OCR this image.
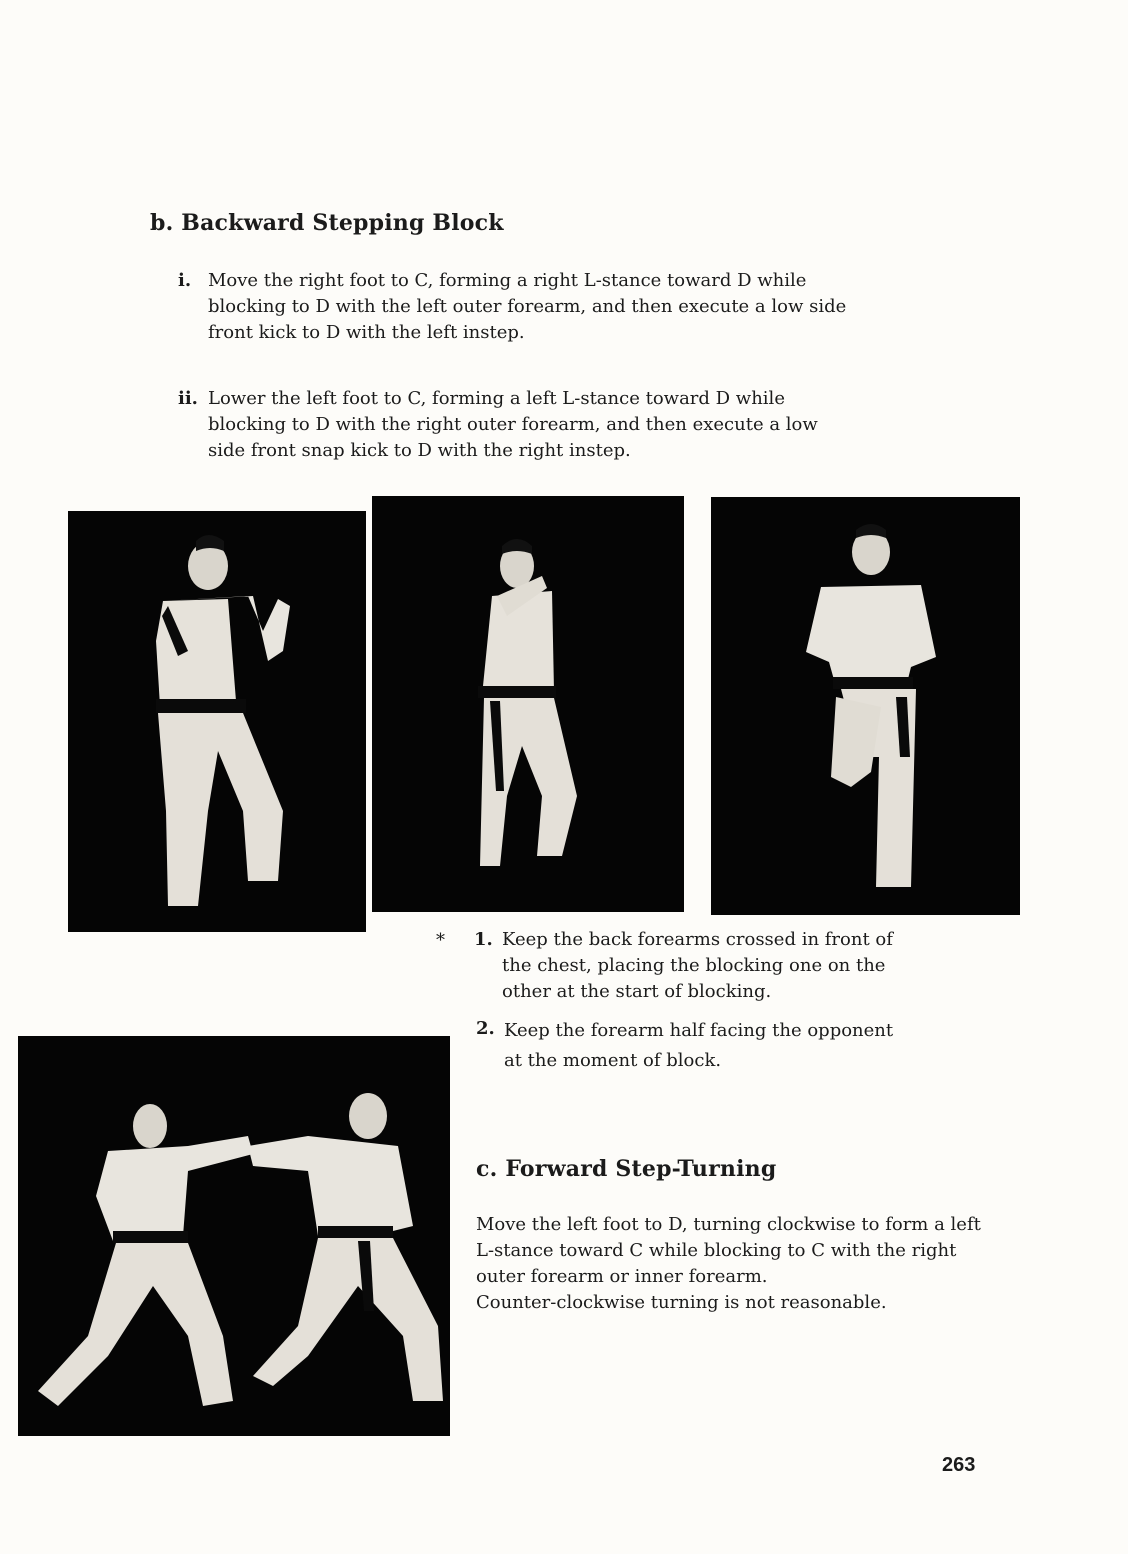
b. Backward Stepping Block
i. Move the right foot to C, forming a right L-stance toward D while
blocking to D with the left outer forearm, and then execute a low side
front kick to D with the left instep.
ii. Lower the left foot to C, forming a left L-stance toward D while
blocking to D with the right outer forearm, and then execute a low
side front snap kick to D with the right instep.
* 1. Keep the back forearms crossed in front of
the chest, placing the blocking one on the
other at the start of blocking.
2. Keep the forearm half facing the opponent
at the moment of block.
c. Forward Step-Turning
Move the left foot to D, turning clockwise to form a left
L-stance toward C while blocking to C with the right
outer forearm or inner forearm.
Counter-clockwise turning is not reasonable.
263
